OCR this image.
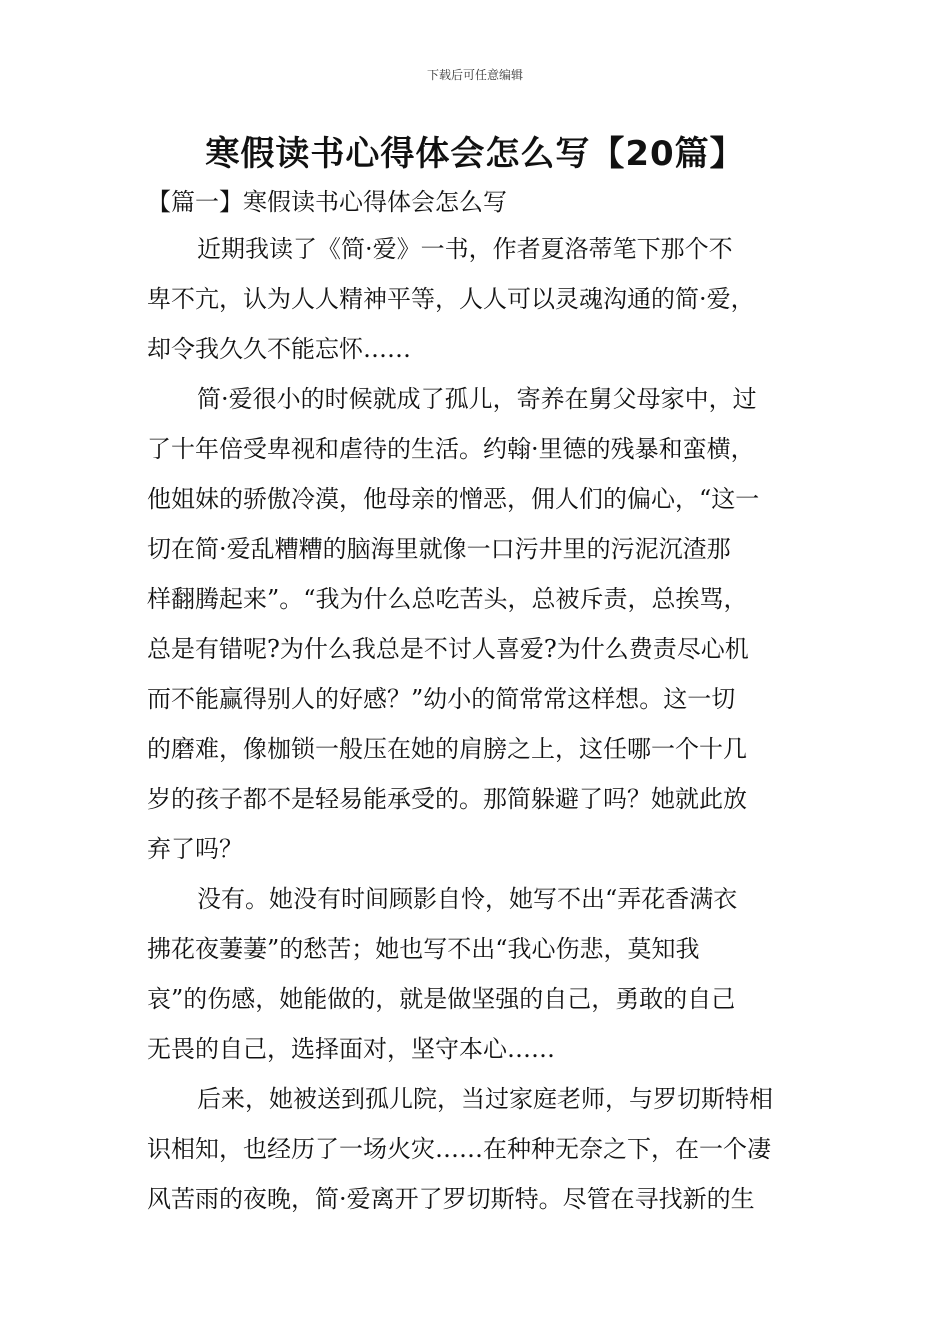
下载后可任意编辑
寒假读书心得体会怎么写【20篇】
【篇一】寒假读书心得体会怎么写
近期我读了《简·爱》一书，作者夏洛蒂笔下那个不
卑不亢，认为人人精神平等，人人可以灵魂沟通的简·爱，
却令我久久不能忘怀……
简·爱很小的时候就成了孤儿，寄养在舅父母家中，过
了十年倍受卑视和虐待的生活。约翰·里德的残暴和蛮横，
他姐妹的骄傲冷漠，他母亲的憎恶，佣人们的偏心，“这一
切在简·爱乱糟糟的脑海里就像一口污井里的污泥沉渣那
样翻腾起来”。“我为什么总吃苦头，总被斥责，总挨骂，
总是有错呢?为什么我总是不讨人喜爱?为什么费责尽心机
而不能赢得别人的好感？”幼小的简常常这样想。这一切
的磨难，像枷锁一般压在她的肩膀之上，这任哪一个十几
岁的孩子都不是轻易能承受的。那简躲避了吗？她就此放
弃了吗？
没有。她没有时间顾影自怜，她写不出“弄花香满衣
拂花夜萋萋”的愁苦；她也写不出“我心伤悲，莫知我
哀”的伤感，她能做的，就是做坚强的自己，勇敢的自己
无畏的自己，选择面对，坚守本心……
后来，她被送到孤儿院，当过家庭老师，与罗切斯特相
识相知，也经历了一场火灾……在种种无奈之下，在一个凄
风苦雨的夜晚，简·爱离开了罗切斯特。尽管在寻找新的生
